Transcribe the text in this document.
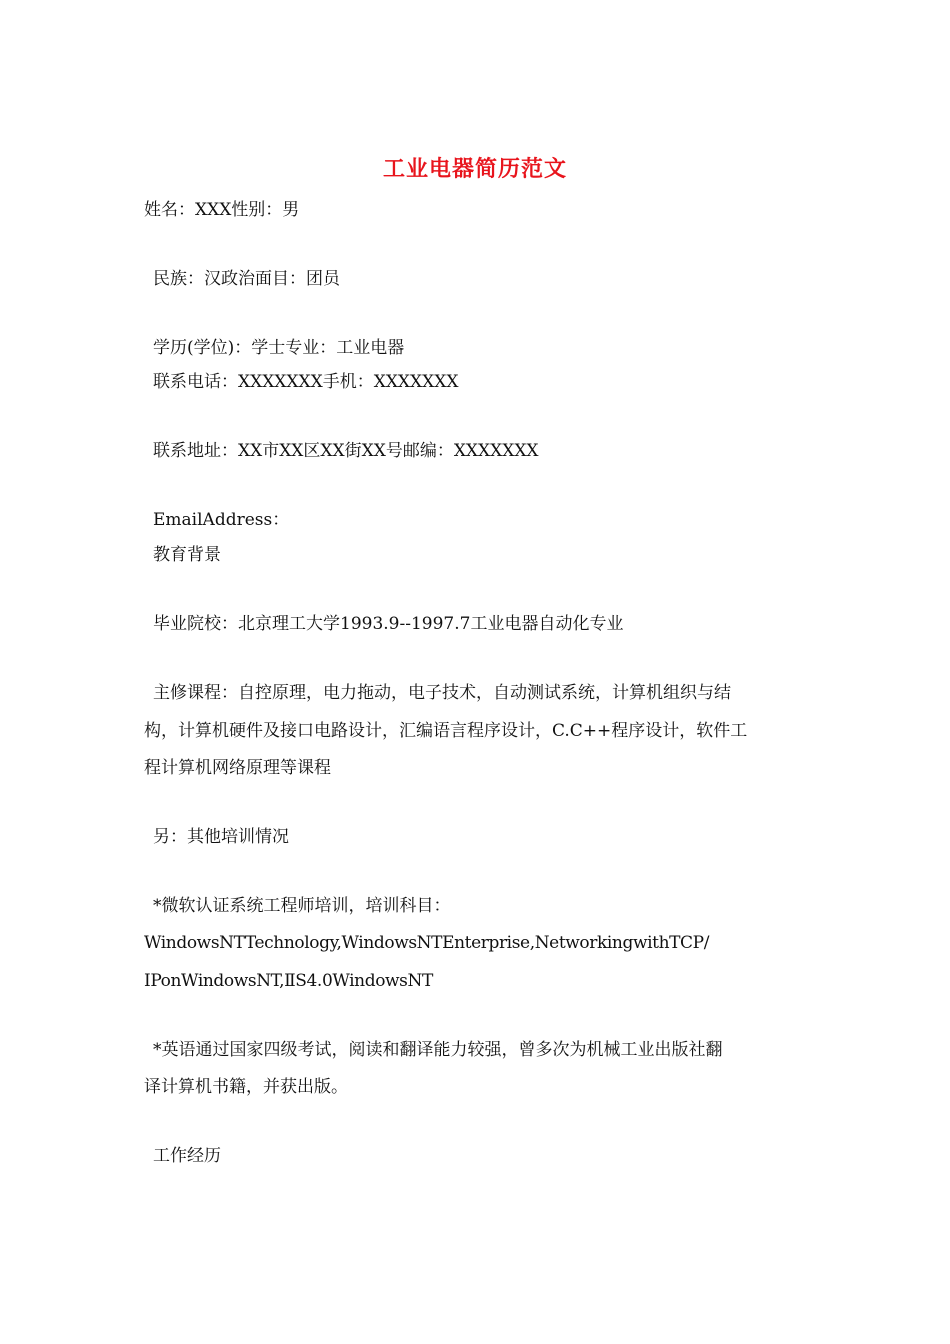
工业电器简历范文

姓名：XXX性别：男

民族：汉政治面目：团员

学历(学位)：学士专业：工业电器

联系电话：XXXXXXX手机：XXXXXXX

联系地址：XX市XX区XX街XX号邮编：XXXXXXX

EmailAddress：

教育背景

毕业院校：北京理工大学1993.9--1997.7工业电器自动化专业

主修课程：自控原理，电力拖动，电子技术，自动测试系统，计算机组织与结

构，计算机硬件及接口电路设计，汇编语言程序设计，C.C++程序设计，软件工

程计算机网络原理等课程

另：其他培训情况

*微软认证系统工程师培训，培训科目：

WindowsNTTechnology,WindowsNTEnterprise,NetworkingwithTCP/

IPonWindowsNT,ⅡS4.0WindowsNT

*英语通过国家四级考试，阅读和翻译能力较强，曾多次为机械工业出版社翻

译计算机书籍，并获出版。

工作经历
